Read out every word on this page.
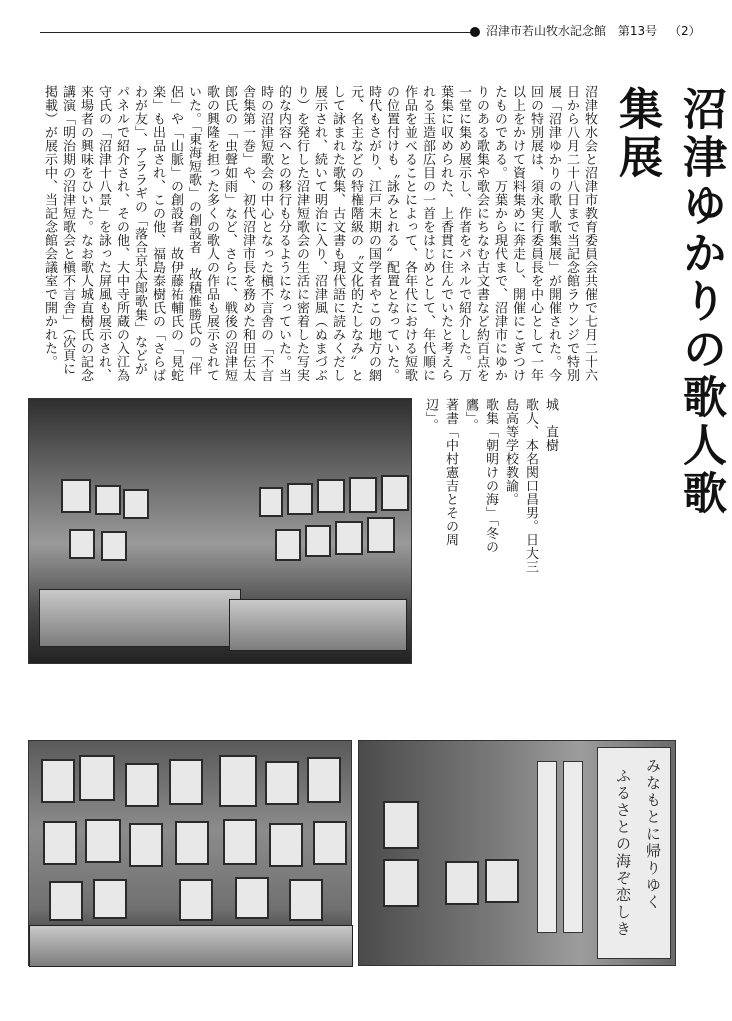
沼津市若山牧水記念館 第13号 （2）
沼津ゆかりの歌人歌集展
沼津牧水会と沼津市教育委員会共催で七月二十六日から八月二十八日まで当記念館ラウンジで特別展「沼津ゆかりの歌人歌集展」が開催された。今回の特別展は、須永実行委員長を中心として一年以上をかけて資料集めに奔走し、開催にこぎつけたものである。万葉から現代まで、沼津市にゆかりのある歌集や歌会にちなむ古文書など約百点を一堂に集め展示し、作者をパネルで紹介した。万葉集に収められた、上香貫に住んでいたと考えられる玉造部広目の一首をはじめとして、年代順に作品を並べることによって、各年代における短歌の位置付けも〝詠みとれる〟配置となっていた。時代もさがり、江戸末期の国学者やこの地方の網元、名主などの特権階級の〝文化的たしなみ〟として詠まれた歌集、古文書も現代語に読みくだし展示され、続いて明治に入り、沼津風（ぬまづぶり）を発行した沼津短歌会の生活に密着した写実的な内容へとの移行も分るようになっていた。当時の沼津短歌会の中心となった槇不言舎の「不言舎集第一巻」や、初代沼津市長を務めた和田伝太郎氏の「虫聲如雨」など、さらに、戦後の沼津短歌の興隆を担った多くの歌人の作品も展示されていた。「東海短歌」の創設者　故積惟勝氏の「伴侶」や「山脈」の創設者　故伊藤祐輔氏の「見蛇楽」も出品され、この他、福島泰樹氏の「さらばわが友」、アララギの「落合京太郎歌集」などがパネルで紹介され、その他、大中寺所蔵の入江為守氏の「沼津十八景」を詠った屏風も展示され、来場者の興味をひいた。なお歌人城直樹氏の記念講演「明治期の沼津短歌会と槇不言舎」（次頁に掲載）が展示中、当記念館会議室で開かれた。
城　直樹
歌人、本名関口昌男。日大三島高等学校教諭。
歌集「朝明けの海」「冬の鷹」。
著書「中村憲吉とその周辺」。
みなもとに帰りゆく
ふるさとの海ぞ恋しき
